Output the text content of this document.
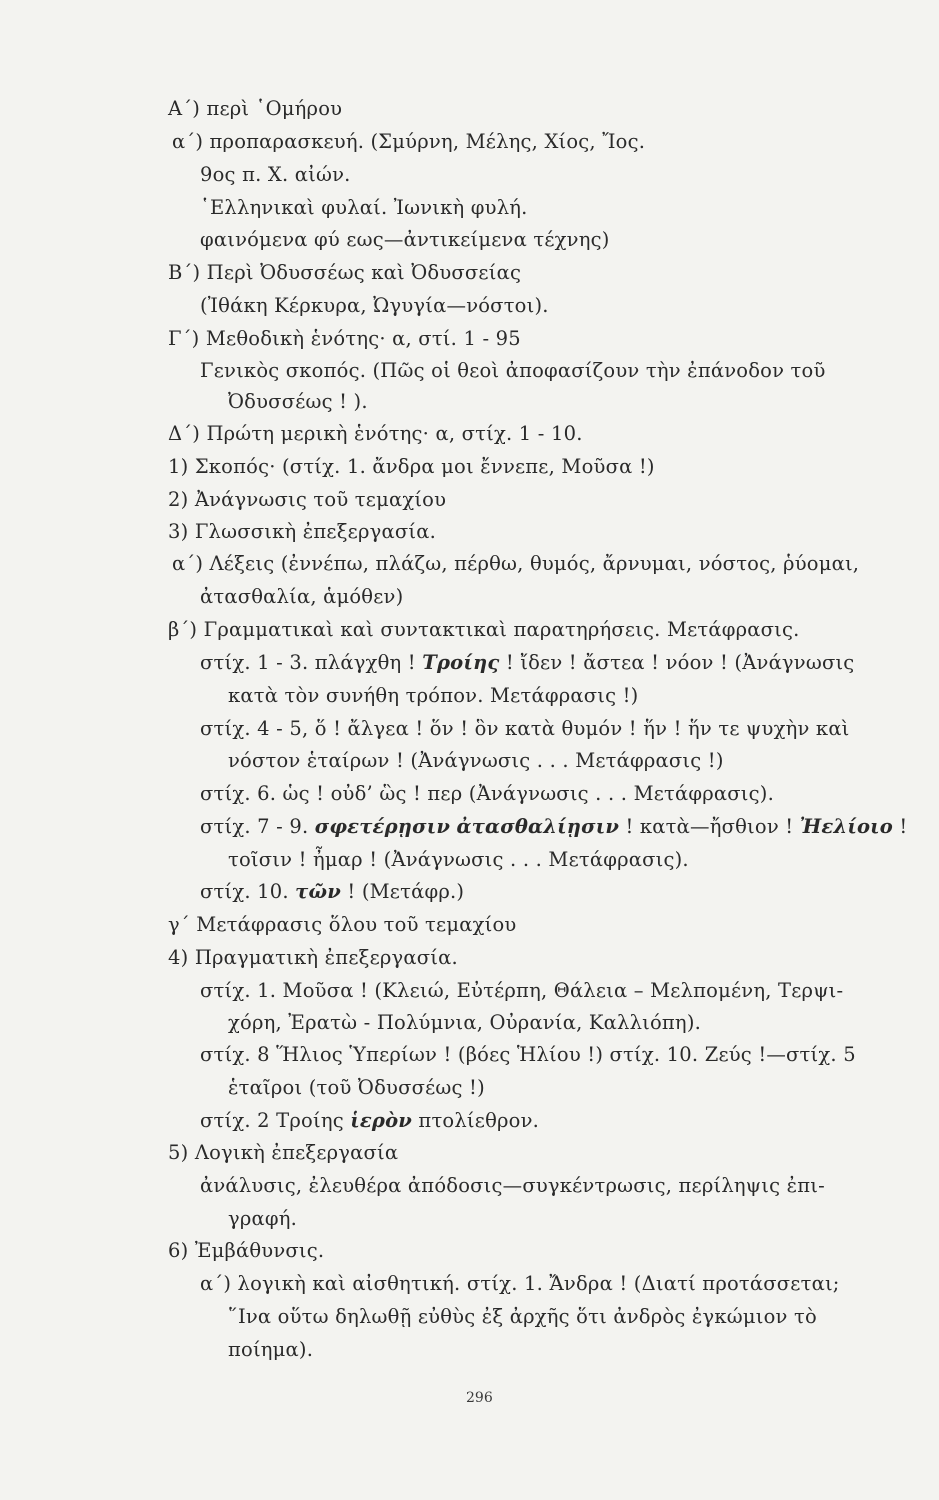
Α΄) περὶ ῾Ομήρου
α΄) προπαρασκευή. (Σμύρνη, Μέλης, Χίος, Ἴος.
9ος π. Χ. αἰών.
῾Ελληνικαὶ φυλαί. Ἰωνικὴ φυλή.
φαινόμενα φύ εως—ἀντικείμενα τέχνης)
Β΄) Περὶ Ὀδυσσέως καὶ Ὀδυσσείας
(Ἰθάκη Κέρκυρα, Ὠγυγία—νόστοι).
Γ΄) Μεθοδικὴ ἑνότης· α, στί. 1 - 95
Γενικὸς σκοπός. (Πῶς οἱ θεοὶ ἀποφασίζουν τὴν ἐπάνοδον τοῦ
Ὀδυσσέως ! ).
Δ΄) Πρώτη μερικὴ ἑνότης· α, στίχ. 1 - 10.
1) Σκοπός· (στίχ. 1. ἄνδρα μοι ἔννεπε, Μοῦσα !)
2) Ἀνάγνωσις τοῦ τεμαχίου
3) Γλωσσικὴ ἐπεξεργασία.
α΄) Λέξεις (ἐννέπω, πλάζω, πέρθω, θυμός, ἄρνυμαι, νόστος, ῥύομαι,
ἀτασθαλία, ἁμόθεν)
β΄) Γραμματικαὶ καὶ συντακτικαὶ παρατηρήσεις. Μετάφρασις.
στίχ. 1 - 3. πλάγχθη ! Τροίης ! ἴδεν ! ἄστεα ! νόον ! (Ἀνάγνωσις
κατὰ τὸν συνήθη τρόπον. Μετάφρασις !)
στίχ. 4 - 5, ὅ ! ἄλγεα ! ὅν ! ὃν κατὰ θυμόν ! ἥν ! ἥν τε ψυχὴν καὶ
νόστον ἑταίρων ! (Ἀνάγνωσις . . . Μετάφρασις !)
στίχ. 6. ὡς ! οὐδ’ ὣς ! περ (Ἀνάγνωσις . . . Μετάφρασις).
στίχ. 7 - 9. σφετέρῃσιν ἀτασθαλίῃσιν ! κατὰ—ἤσθιον ! Ἠελίοιο !
τοῖσιν ! ἦμαρ ! (Ἀνάγνωσις . . . Μετάφρασις).
στίχ. 10. τῶν ! (Μετάφρ.)
γ΄ Μετάφρασις ὅλου τοῦ τεμαχίου
4) Πραγματικὴ ἐπεξεργασία.
στίχ. 1. Μοῦσα ! (Κλειώ, Εὐτέρπη, Θάλεια – Μελπομένη, Τερψι-
χόρη, Ἐρατὼ - Πολύμνια, Οὐρανία, Καλλιόπη).
στίχ. 8 Ἥλιος Ὑπερίων ! (βόες Ἡλίου !) στίχ. 10. Ζεύς !—στίχ. 5
ἑταῖροι (τοῦ Ὀδυσσέως !)
στίχ. 2 Τροίης ἱερὸν πτολίεθρον.
5) Λογικὴ ἐπεξεργασία
ἀνάλυσις, ἐλευθέρα ἀπόδοσις—συγκέντρωσις, περίληψις ἐπι-
γραφή.
6) Ἐμβάθυνσις.
α΄) λογικὴ καὶ αἰσθητική. στίχ. 1. Ἄνδρα ! (Διατί προτάσσεται;
῞Ινα οὕτω δηλωθῇ εὐθὺς ἐξ ἀρχῆς ὅτι ἀνδρὸς ἐγκώμιον τὸ
ποίημα).
296
